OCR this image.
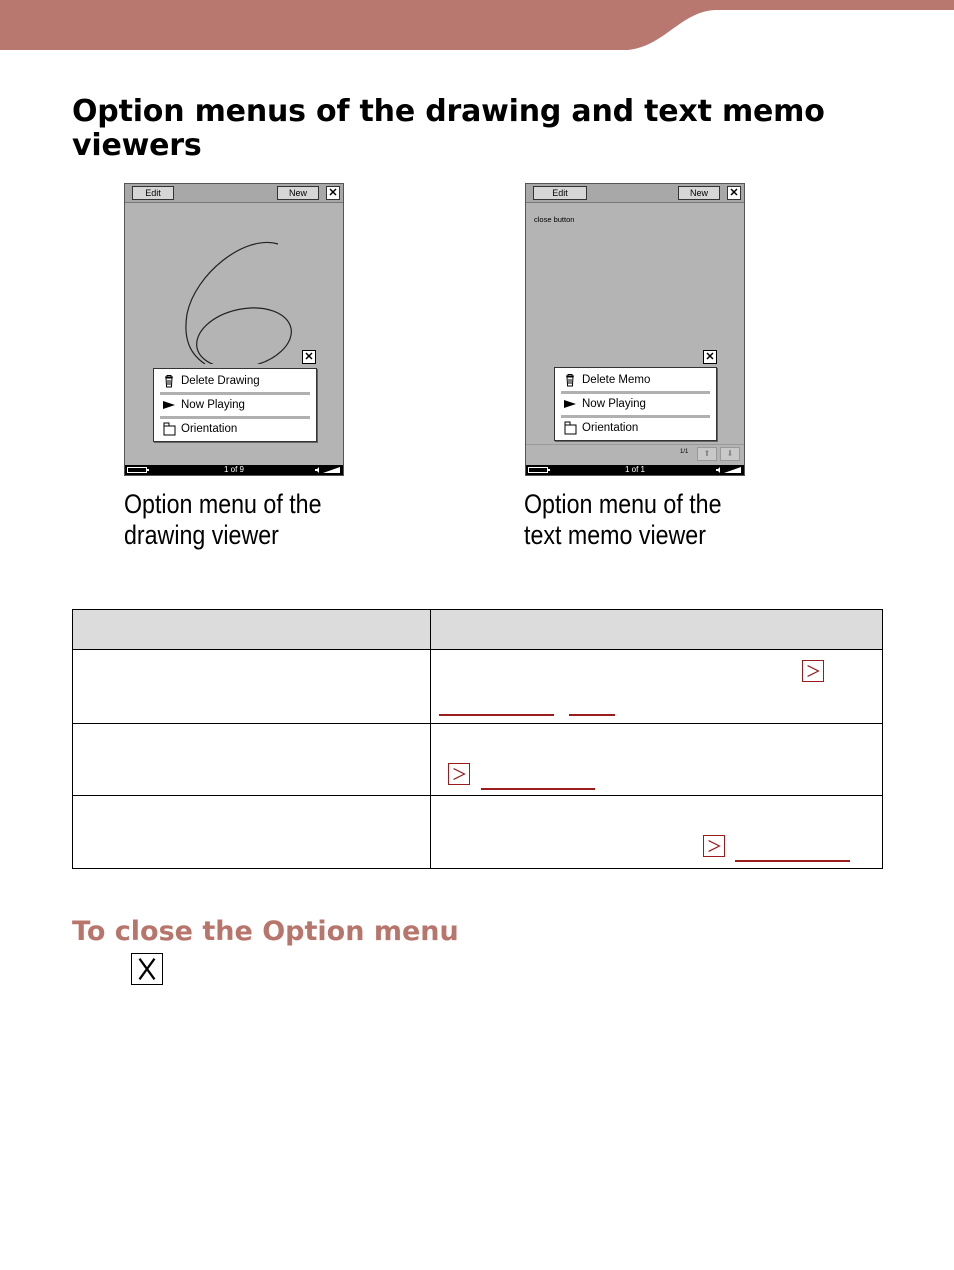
Option menus of the drawing and text memo viewers
Edit	New	✕
✕
Delete Drawing
Now Playing
Orientation
1 of 9
Option menu of the
drawing viewer
Edit	New	✕
close button
✕
Delete Memo
Now Playing
Orientation
1/1	⬆	⬇
1 of 1
Option menu of the
text memo viewer
To close the Option menu
